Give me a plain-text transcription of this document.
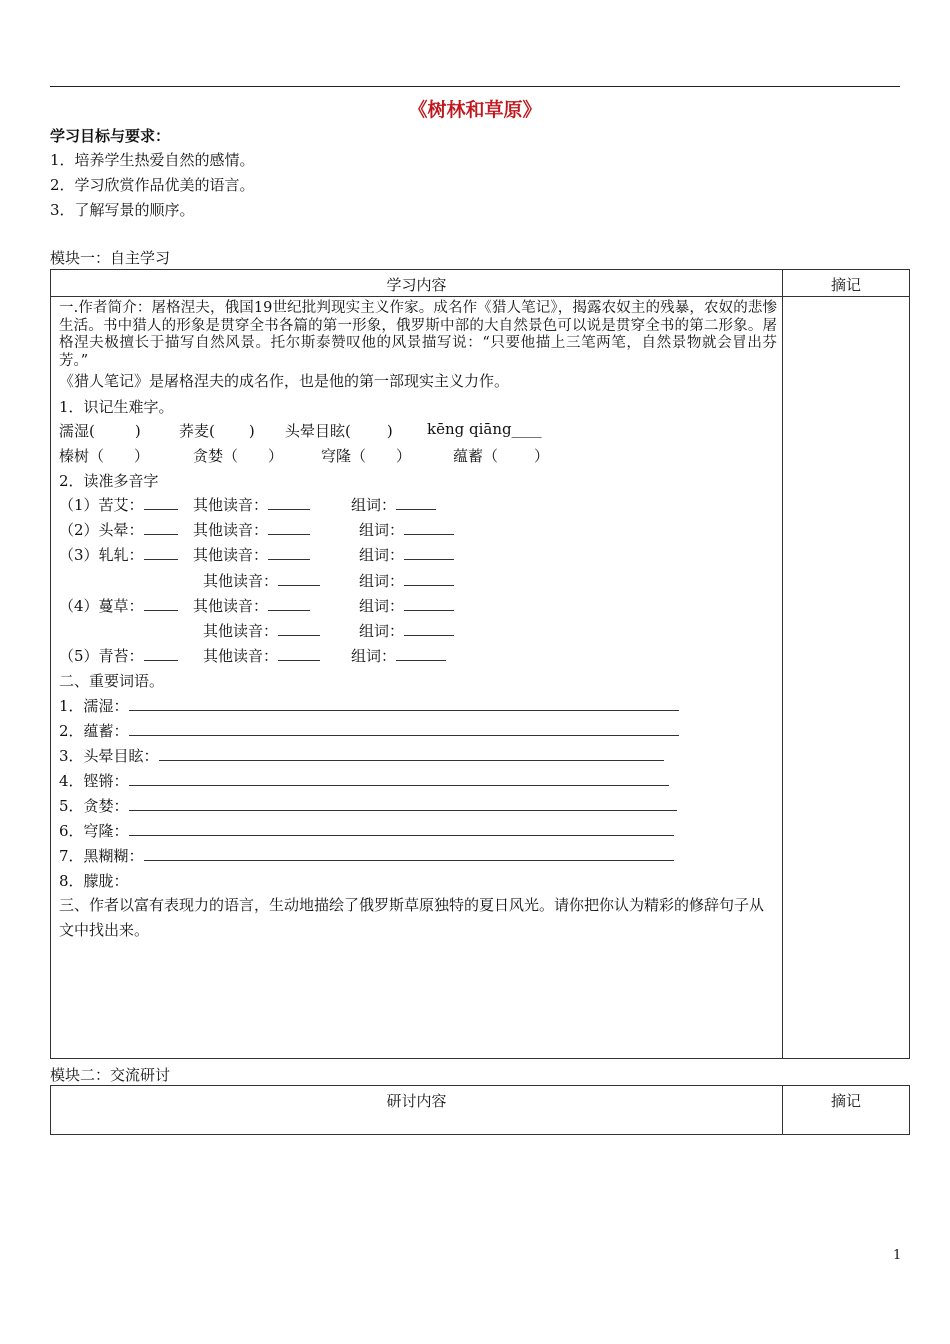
《树林和草原》
学习目标与要求：
1．培养学生热爱自然的感情。
2．学习欣赏作品优美的语言。
3．了解写景的顺序。
模块一：自主学习
学习内容	摘记
一.作者简介：屠格涅夫，俄国19世纪批判现实主义作家。成名作《猎人笔记》，揭露农奴主的残暴，农奴的悲惨生活。书中猎人的形象是贯穿全书各篇的第一形象，俄罗斯中部的大自然景色可以说是贯穿全书的第二形象。屠格涅夫极擅长于描写自然风景。托尔斯泰赞叹他的风景描写说：“只要他描上三笔两笔，自然景物就会冒出芬芳。”
《猎人笔记》是屠格涅夫的成名作，也是他的第一部现实主义力作。
1．识记生难字。
濡湿(	)	荞麦( ) 头晕目眩( ) kēng qiāng____
榛树（ ）	贪婪（ ）	穹隆（ ）	蕴蓄（ ）
2．读准多音字
（1）苦艾：	其他读音：	组词：
（2）头晕：	其他读音：	组词：
（3）轧轧：	其他读音：	组词：
其他读音：	组词：
（4）蔓草：	其他读音：	组词：
其他读音：	组词：
（5）青苔：	其他读音：	组词：
二、重要词语。
1．濡湿：
2．蕴蓄：
3．头晕目眩：
4．铿锵：
5．贪婪：
6．穹隆：
7．黑糊糊：
8．朦胧：
三、作者以富有表现力的语言，生动地描绘了俄罗斯草原独特的夏日风光。请你把你认为精彩的修辞句子从文中找出来。
模块二：交流研讨
研讨内容	摘记
1
